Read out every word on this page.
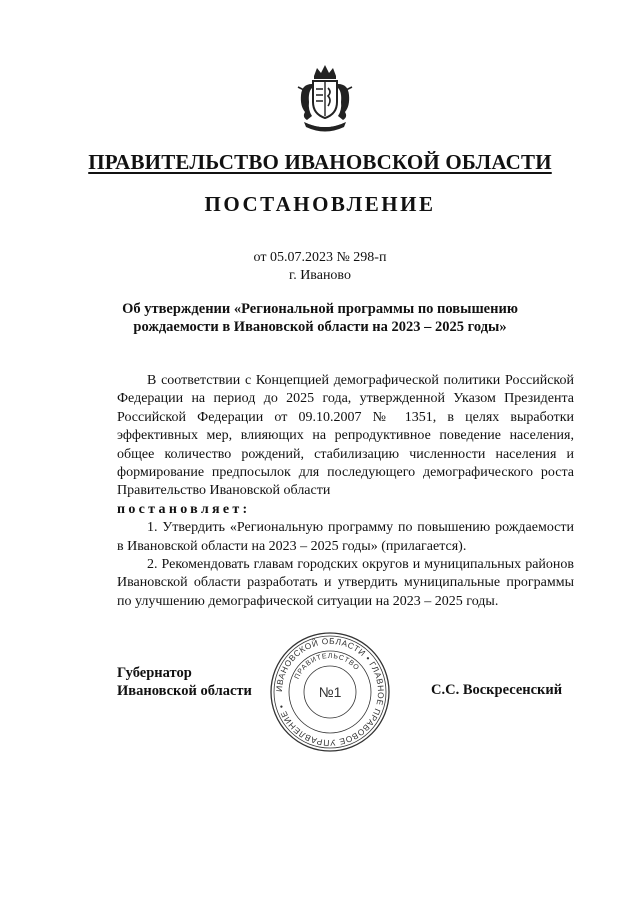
ПРАВИТЕЛЬСТВО ИВАНОВСКОЙ ОБЛАСТИ
ПОСТАНОВЛЕНИЕ
от 05.07.2023 № 298-п
г. Иваново
Об утверждении «Региональной программы по повышению
рождаемости в Ивановской области на 2023 – 2025 годы»

В соответствии с Концепцией демографической политики Российской Федерации на период до 2025 года, утвержденной Указом Президента Российской Федерации от 09.10.2007 № 1351, в целях выработки эффективных мер, влияющих на репродуктивное поведение населения, общее количество рождений, стабилизацию численности населения и формирование предпосылок для последующего демографического роста Правительство Ивановской области

постановляет:

1. Утвердить «Региональную программу по повышению рождаемости в Ивановской области на 2023 – 2025 годы» (прилагается).

2. Рекомендовать главам городских округов и муниципальных районов Ивановской области разработать и утвердить муниципальные программы по улучшению демографической ситуации на 2023 – 2025 годы.

Губернатор
Ивановской области	ИВАНОВСКОЙ ОБЛАСТИ • ГЛАВНОЕ ПРАВОВОЕ УПРАВЛЕНИЕ •
ПРАВИТЕЛЬСТВО
№1	С.С. Воскресенский
